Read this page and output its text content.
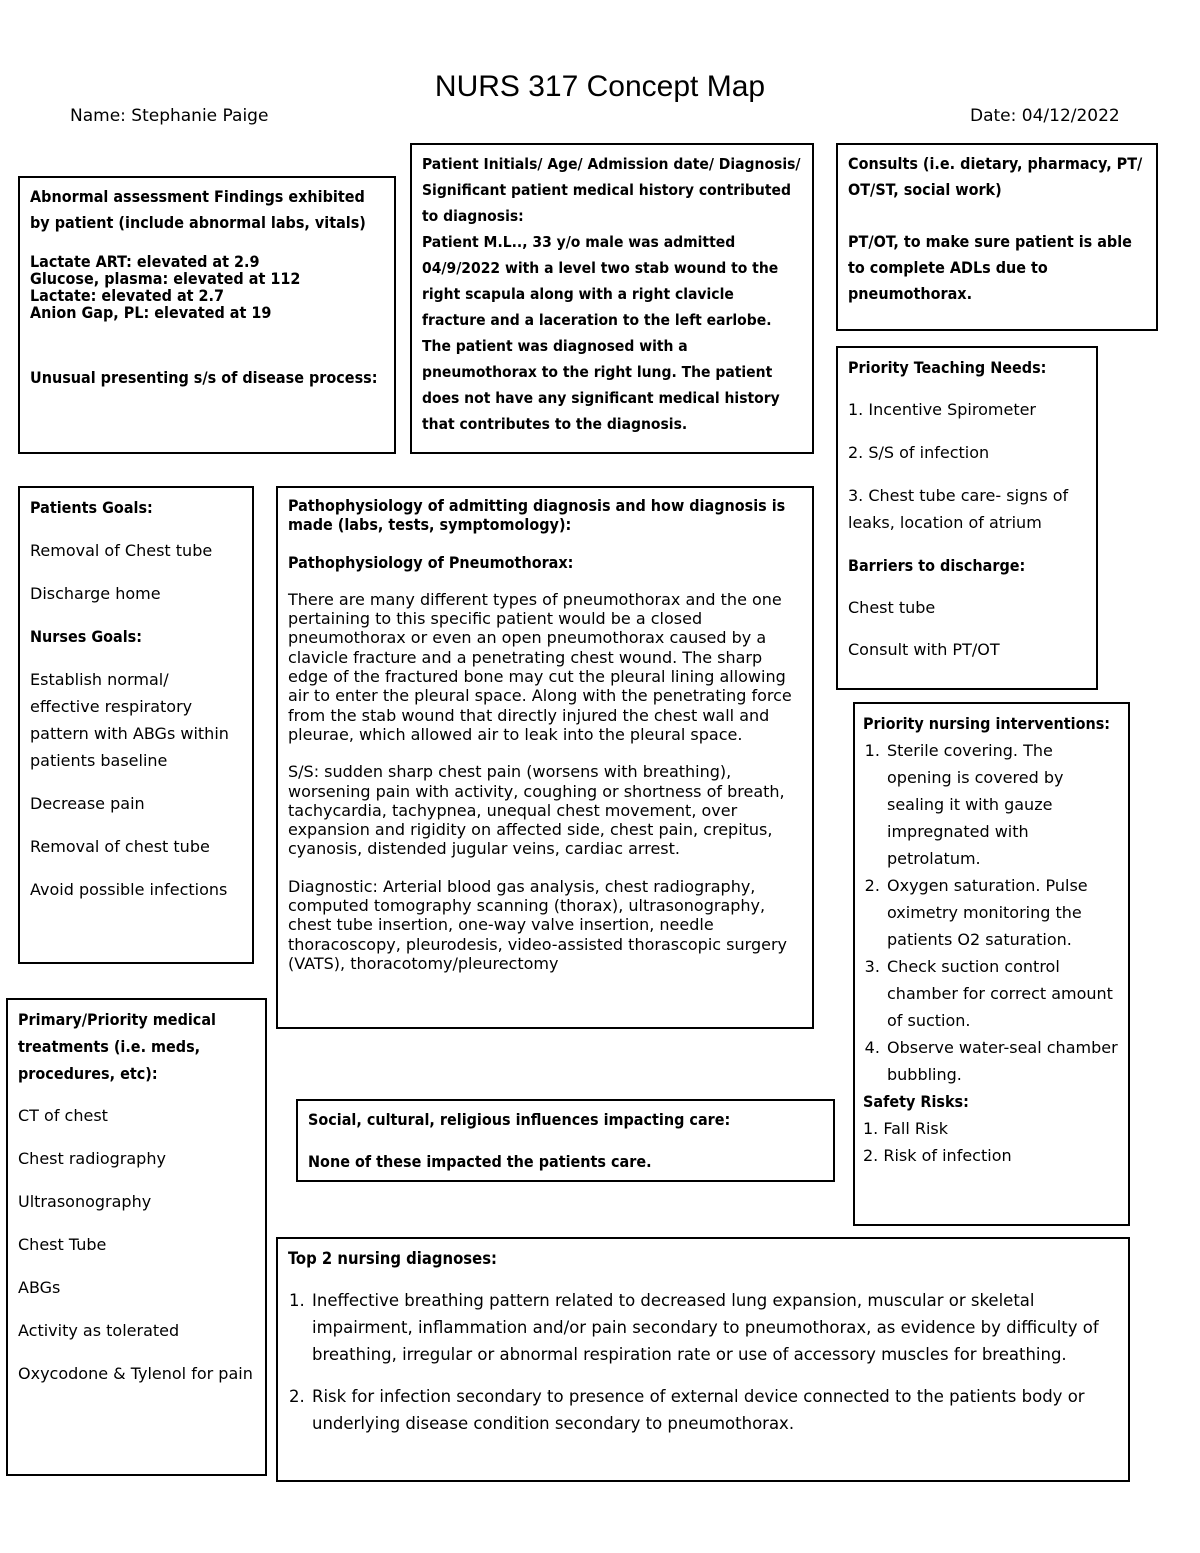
NURS 317 Concept Map
Name: Stephanie Paige	Date: 04/12/2022

Abnormal assessment Findings exhibited by patient (include abnormal labs, vitals)

Lactate ART: elevated at 2.9

Glucose, plasma: elevated at 112

Lactate: elevated at 2.7

Anion Gap, PL: elevated at 19

Unusual presenting s/s of disease process:

Patient Initials/ Age/ Admission date/ Diagnosis/ Significant patient medical history contributed to diagnosis:

Patient M.L.., 33 y/o male was admitted 04/9/2022 with a level two stab wound to the right scapula along with a right clavicle fracture and a laceration to the left earlobe. The patient was diagnosed with a pneumothorax to the right lung. The patient does not have any significant medical history that contributes to the diagnosis.

Consults (i.e. dietary, pharmacy, PT/ OT/ST, social work)

PT/OT, to make sure patient is able to complete ADLs due to pneumothorax.

Priority Teaching Needs:

1. Incentive Spirometer

2. S/S of infection

3. Chest tube care- signs of leaks, location of atrium

Barriers to discharge:

Chest tube

Consult with PT/OT

Patients Goals:

Removal of Chest tube

Discharge home

Nurses Goals:

Establish normal/ effective respiratory pattern with ABGs within patients baseline

Decrease pain

Removal of chest tube

Avoid possible infections

Pathophysiology of admitting diagnosis and how diagnosis is made (labs, tests, symptomology):

Pathophysiology of Pneumothorax:

There are many different types of pneumothorax and the one pertaining to this specific patient would be a closed pneumothorax or even an open pneumothorax caused by a clavicle fracture and a penetrating chest wound. The sharp edge of the fractured bone may cut the pleural lining allowing air to enter the pleural space. Along with the penetrating force from the stab wound that directly injured the chest wall and pleurae, which allowed air to leak into the pleural space.

S/S: sudden sharp chest pain (worsens with breathing), worsening pain with activity, coughing or shortness of breath, tachycardia, tachypnea, unequal chest movement, over expansion and rigidity on affected side, chest pain, crepitus, cyanosis, distended jugular veins, cardiac arrest.

Diagnostic: Arterial blood gas analysis, chest radiography, computed tomography scanning (thorax), ultrasonography, chest tube insertion, one-way valve insertion, needle thoracoscopy, pleurodesis, video-assisted thorascopic surgery (VATS), thoracotomy/pleurectomy

Priority nursing interventions:

1. Sterile covering. The opening is covered by sealing it with gauze impregnated with petrolatum.
2. Oxygen saturation. Pulse oximetry monitoring the patients O2 saturation.
3. Check suction control chamber for correct amount of suction.
4. Observe water-seal chamber bubbling.

Safety Risks:

1. Fall Risk

2. Risk of infection

Primary/Priority medical treatments (i.e. meds, procedures, etc):

CT of chest
Chest radiography
Ultrasonography
Chest Tube
ABGs
Activity as tolerated
Oxycodone & Tylenol for pain

Social, cultural, religious influences impacting care:

None of these impacted the patients care.

Top 2 nursing diagnoses:

1. Ineffective breathing pattern related to decreased lung expansion, muscular or skeletal impairment, inflammation and/or pain secondary to pneumothorax, as evidence by difficulty of breathing, irregular or abnormal respiration rate or use of accessory muscles for breathing.
2. Risk for infection secondary to presence of external device connected to the patients body or underlying disease condition secondary to pneumothorax.
